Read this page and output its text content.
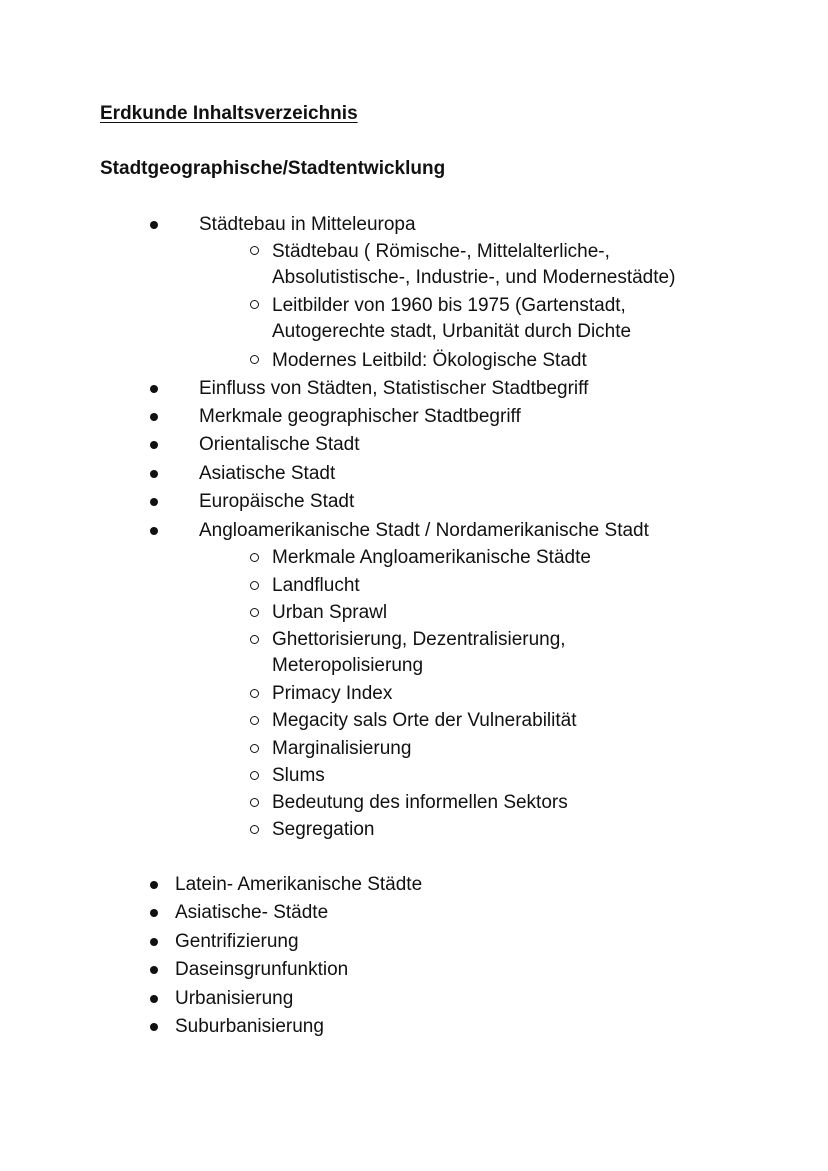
Erdkunde Inhaltsverzeichnis
Stadtgeographische/Stadtentwicklung
Städtebau in Mitteleuropa
Städtebau ( Römische-, Mittelalterliche-,
Absolutistische-, Industrie-, und Modernestädte)
Leitbilder von 1960 bis 1975 (Gartenstadt,
Autogerechte stadt, Urbanität durch Dichte
Modernes Leitbild: Ökologische Stadt
Einfluss von Städten, Statistischer Stadtbegriff
Merkmale geographischer Stadtbegriff
Orientalische Stadt
Asiatische Stadt
Europäische Stadt
Angloamerikanische Stadt / Nordamerikanische Stadt
Merkmale Angloamerikanische Städte
Landflucht
Urban Sprawl
Ghettorisierung, Dezentralisierung,
Meteropolisierung
Primacy Index
Megacity sals Orte der Vulnerabilität
Marginalisierung
Slums
Bedeutung des informellen Sektors
Segregation
Latein- Amerikanische Städte
Asiatische- Städte
Gentrifizierung
Daseinsgrunfunktion
Urbanisierung
Suburbanisierung
